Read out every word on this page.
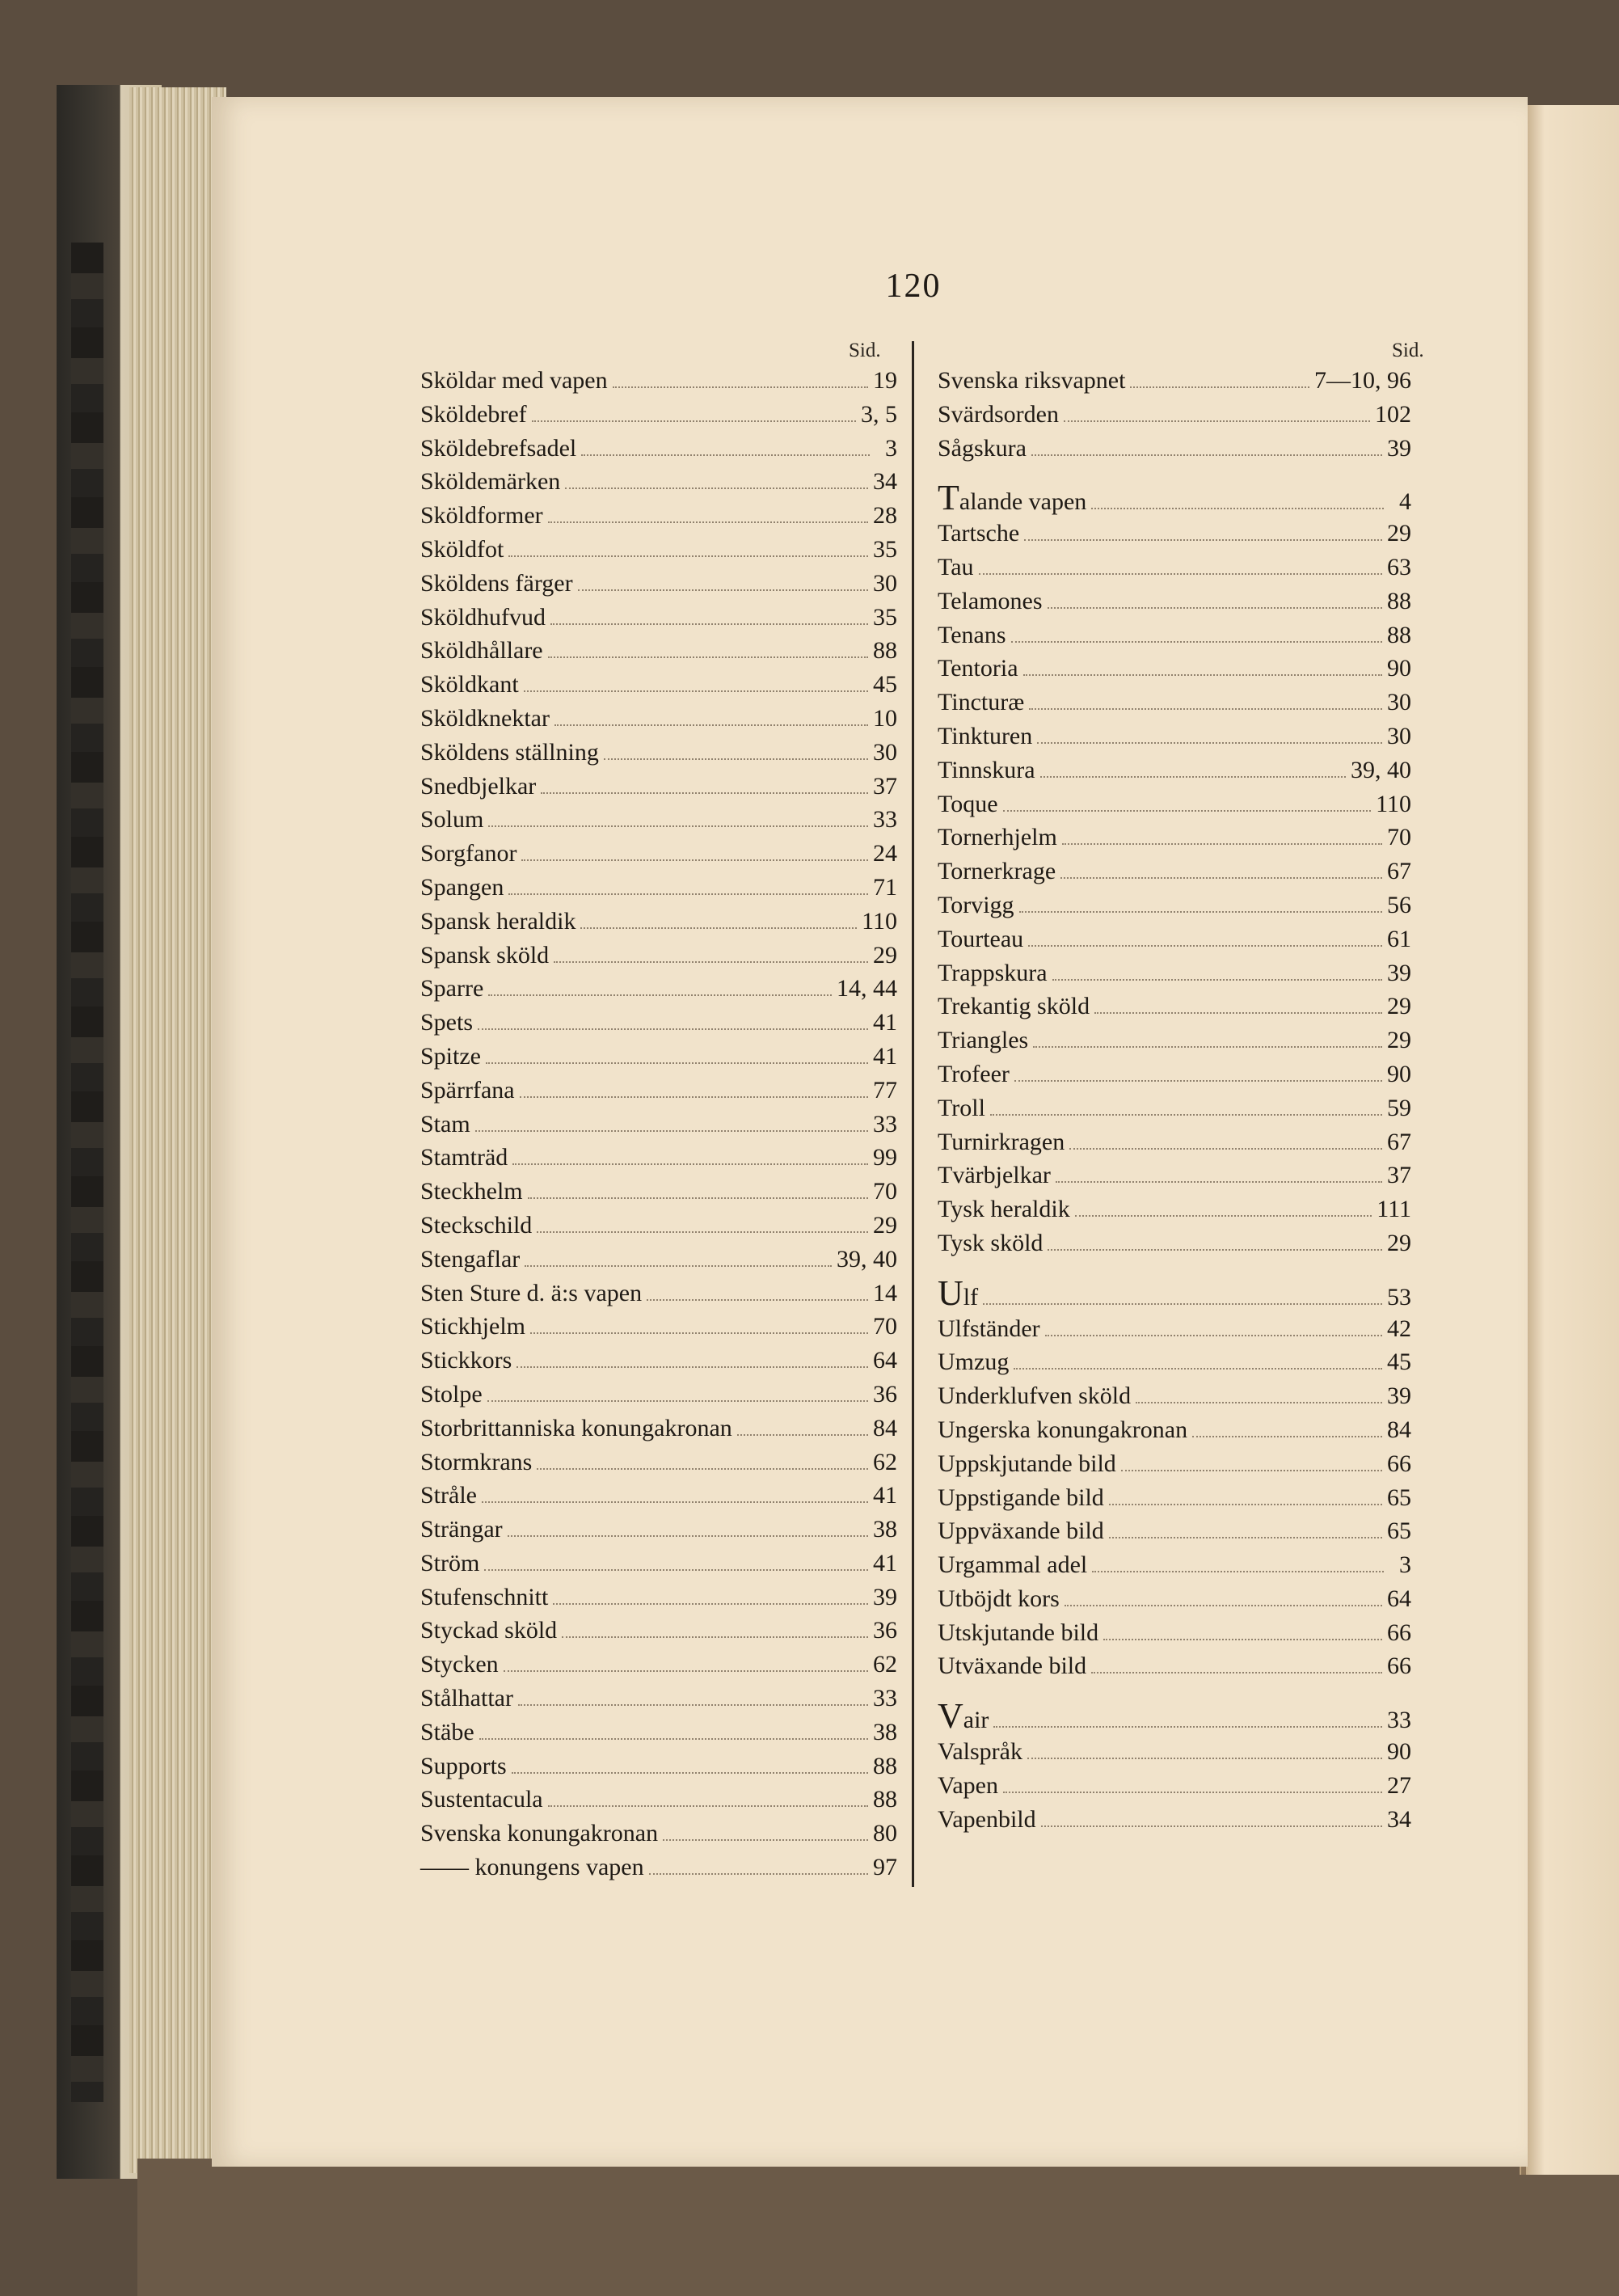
120
Sid.	Sid.
Sköldar med vapen	19
Sköldebref	3, 5
Sköldebrefsadel	3
Sköldemärken	34
Sköldformer	28
Sköldfot	35
Sköldens färger	30
Sköldhufvud	35
Sköldhållare	88
Sköldkant	45
Sköldknektar	10
Sköldens ställning	30
Snedbjelkar	37
Solum	33
Sorgfanor	24
Spangen	71
Spansk heraldik	110
Spansk sköld	29
Sparre	14, 44
Spets	41
Spitze	41
Spärrfana	77
Stam	33
Stamträd	99
Steckhelm	70
Steckschild	29
Stengaflar	39, 40
Sten Sture d. ä:s vapen	14
Stickhjelm	70
Stickkors	64
Stolpe	36
Storbrittanniska konungakronan	84
Stormkrans	62
Stråle	41
Strängar	38
Ström	41
Stufenschnitt	39
Styckad sköld	36
Stycken	62
Stålhattar	33
Stäbe	38
Supports	88
Sustentacula	88
Svenska konungakronan	80
—— konungens vapen	97
Svenska riksvapnet	7—10, 96
Svärdsorden	102
Sågskura	39
Talande vapen	4
Tartsche	29
Tau	63
Telamones	88
Tenans	88
Tentoria	90
Tincturæ	30
Tinkturen	30
Tinnskura	39, 40
Toque	110
Tornerhjelm	70
Tornerkrage	67
Torvigg	56
Tourteau	61
Trappskura	39
Trekantig sköld	29
Triangles	29
Trofeer	90
Troll	59
Turnirkragen	67
Tvärbjelkar	37
Tysk heraldik	111
Tysk sköld	29
Ulf	53
Ulfständer	42
Umzug	45
Underklufven sköld	39
Ungerska konungakronan	84
Uppskjutande bild	66
Uppstigande bild	65
Uppväxande bild	65
Urgammal adel	3
Utböjdt kors	64
Utskjutande bild	66
Utväxande bild	66
Vair	33
Valspråk	90
Vapen	27
Vapenbild	34
